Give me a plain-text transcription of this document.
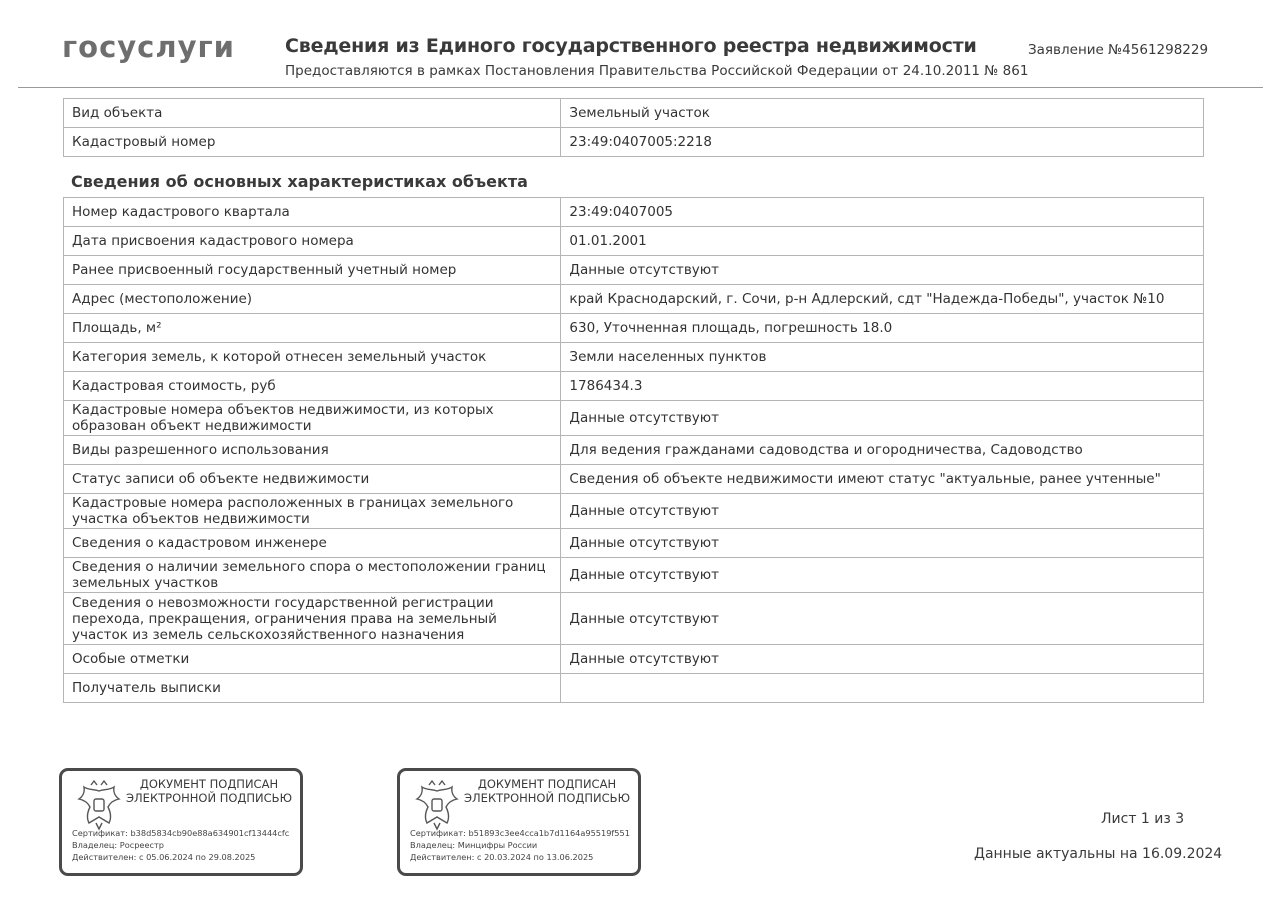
госуслуги	Сведения из Единого государственного реестра недвижимости
Предоставляются в рамках Постановления Правительства Российской Федерации от 24.10.2011 № 861
Заявление №4561298229
Вид объекта	Земельный участок
Кадастровый номер	23:49:0407005:2218
Сведения об основных характеристиках объекта
Номер кадастрового квартала	23:49:0407005
Дата присвоения кадастрового номера	01.01.2001
Ранее присвоенный государственный учетный номер	Данные отсутствуют
Адрес (местоположение)	край Краснодарский, г. Сочи, р-н Адлерский, сдт "Надежда-Победы", участок №10
Площадь, м²	630, Уточненная площадь, погрешность 18.0
Категория земель, к которой отнесен земельный участок	Земли населенных пунктов
Кадастровая стоимость, руб	1786434.3
Кадастровые номера объектов недвижимости, из которых образован объект недвижимости	Данные отсутствуют
Виды разрешенного использования	Для ведения гражданами садоводства и огородничества, Садоводство
Статус записи об объекте недвижимости	Сведения об объекте недвижимости имеют статус "актуальные, ранее учтенные"
Кадастровые номера расположенных в границах земельного участка объектов недвижимости	Данные отсутствуют
Сведения о кадастровом инженере	Данные отсутствуют
Сведения о наличии земельного спора о местоположении границ земельных участков	Данные отсутствуют
Сведения о невозможности государственной регистрации перехода, прекращения, ограничения права на земельный участок из земель сельскохозяйственного назначения	Данные отсутствуют
Особые отметки	Данные отсутствуют
Получатель выписки	
ДОКУМЕНТ ПОДПИСАН ЭЛЕКТРОННОЙ ПОДПИСЬЮ
Сертификат: b38d5834cb90e88a634901cf13444cfc
Владелец: Росреестр
Действителен: с 05.06.2024 по 29.08.2025
ДОКУМЕНТ ПОДПИСАН ЭЛЕКТРОННОЙ ПОДПИСЬЮ
Сертификат: b51893c3ee4cca1b7d1164a95519f551
Владелец: Минцифры России
Действителен: с 20.03.2024 по 13.06.2025
Лист 1 из 3
Данные актуальны на 16.09.2024
